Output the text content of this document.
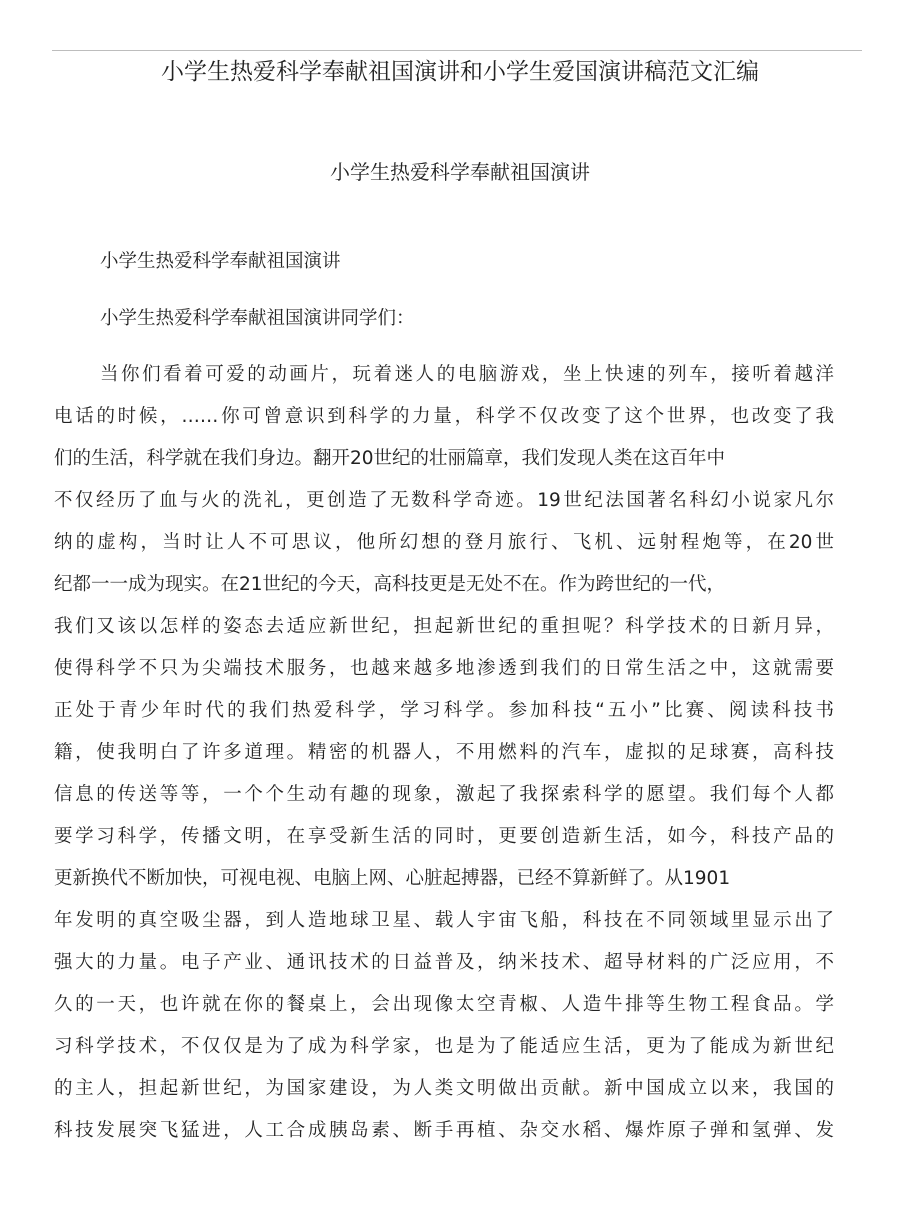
小学生热爱科学奉献祖国演讲和小学生爱国演讲稿范文汇编
小学生热爱科学奉献祖国演讲
小学生热爱科学奉献祖国演讲
小学生热爱科学奉献祖国演讲同学们：
当你们看着可爱的动画片，玩着迷人的电脑游戏，坐上快速的列车，接听着越洋
电话的时候，……你可曾意识到科学的力量，科学不仅改变了这个世界，也改变了我
们的生活，科学就在我们身边。翻开20世纪的壮丽篇章，我们发现人类在这百年中
不仅经历了血与火的洗礼，更创造了无数科学奇迹。19世纪法国著名科幻小说家凡尔
纳的虚构，当时让人不可思议，他所幻想的登月旅行、飞机、远射程炮等，在20世
纪都一一成为现实。在21世纪的今天，高科技更是无处不在。作为跨世纪的一代，
我们又该以怎样的姿态去适应新世纪，担起新世纪的重担呢？科学技术的日新月异，
使得科学不只为尖端技术服务，也越来越多地渗透到我们的日常生活之中，这就需要
正处于青少年时代的我们热爱科学，学习科学。参加科技“五小”比赛、阅读科技书
籍，使我明白了许多道理。精密的机器人，不用燃料的汽车，虚拟的足球赛，高科技
信息的传送等等，一个个生动有趣的现象，激起了我探索科学的愿望。我们每个人都
要学习科学，传播文明，在享受新生活的同时，更要创造新生活，如今，科技产品的
更新换代不断加快，可视电视、电脑上网、心脏起搏器，已经不算新鲜了。从1901
年发明的真空吸尘器，到人造地球卫星、载人宇宙飞船，科技在不同领域里显示出了
强大的力量。电子产业、通讯技术的日益普及，纳米技术、超导材料的广泛应用，不
久的一天，也许就在你的餐桌上，会出现像太空青椒、人造牛排等生物工程食品。学
习科学技术，不仅仅是为了成为科学家，也是为了能适应生活，更为了能成为新世纪
的主人，担起新世纪，为国家建设，为人类文明做出贡献。新中国成立以来，我国的
科技发展突飞猛进，人工合成胰岛素、断手再植、杂交水稻、爆炸原子弹和氢弹、发
